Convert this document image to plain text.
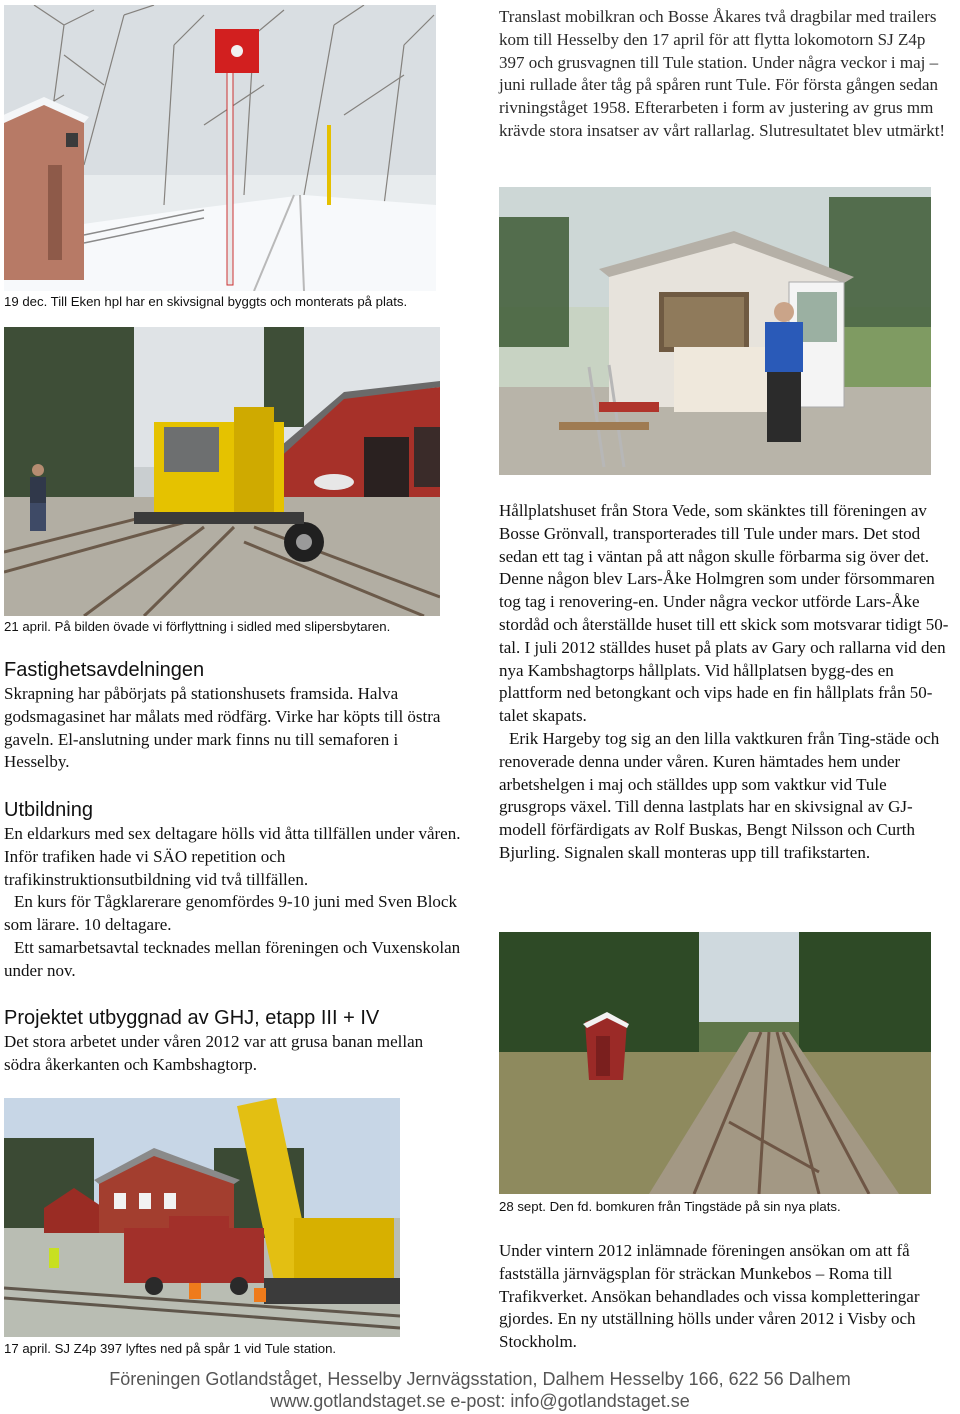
Translast mobilkran och Bosse Åkares två dragbilar med trailers kom till Hesselby den 17 april för att flytta lokomotorn SJ Z4p 397 och grusvagnen till Tule station. Under några veckor i maj – juni rullade åter tåg på spåren runt Tule. För första gången sedan rivningståget 1958. Efterarbeten i form av justering av grus mm krävde stora insatser av vårt rallarlag. Slutresultatet blev utmärkt!

19 dec. Till Eken hpl har en skivsignal byggts och monterats på plats.
21 april. På bilden övade vi förflyttning i sidled med slipersbytaren.
Fastighetsavdelningen

Skrapning har påbörjats på stationshusets framsida. Halva godsmagasinet har målats med rödfärg. Virke har köpts till östra gaveln. El-anslutning under mark finns nu till semaforen i Hesselby.

Utbildning

En eldarkurs med sex deltagare hölls vid åtta tillfällen under våren. Inför trafiken hade vi SÄO repetition och trafikinstruktionsutbildning vid två tillfällen.

En kurs för Tågklarerare genomfördes 9-10 juni med Sven Block som lärare. 10 deltagare.

Ett samarbetsavtal tecknades mellan föreningen och Vuxenskolan under nov.

Projektet utbyggnad av GHJ, etapp III + IV

Det stora arbetet under våren 2012 var att grusa banan mellan södra åkerkanten och Kambshagtorp.

Hållplatshuset från Stora Vede, som skänktes till föreningen av Bosse Grönvall, transporterades till Tule under mars. Det stod sedan ett tag i väntan på att någon skulle förbarma sig över det. Denne någon blev Lars-Åke Holmgren som under försommaren tog tag i renovering-en. Under några veckor utförde Lars-Åke stordåd och återställde huset till ett skick som motsvarar tidigt 50-tal. I juli 2012 ställdes huset på plats av Gary och rallarna vid den nya Kambshagtorps hållplats. Vid hållplatsen bygg-des en plattform ned betongkant och vips hade en fin hållplats från 50-talet skapats.

Erik Hargeby tog sig an den lilla vaktkuren från Ting-städe och renoverade denna under våren. Kuren hämtades hem under arbetshelgen i maj och ställdes upp som vaktkur vid Tule grusgrops växel. Till denna lastplats har en skivsignal av GJ-modell förfärdigats av Rolf Buskas, Bengt Nilsson och Curth Bjurling. Signalen skall monteras upp till trafikstarten.

28 sept. Den fd. bomkuren från Tingstäde på sin nya plats.

Under vintern 2012 inlämnade föreningen ansökan om att få fastställa järnvägsplan för sträckan Munkebos – Roma till Trafikverket. Ansökan behandlades och vissa kompletteringar gjordes. En ny utställning hölls under våren 2012 i Visby och Stockholm.

17 april. SJ Z4p 397 lyftes ned på spår 1 vid Tule station.
Föreningen Gotlandståget, Hesselby Jernvägsstation, Dalhem Hesselby 166, 622 56 Dalhem
www.gotlandstaget.se e-post: info@gotlandstaget.se
